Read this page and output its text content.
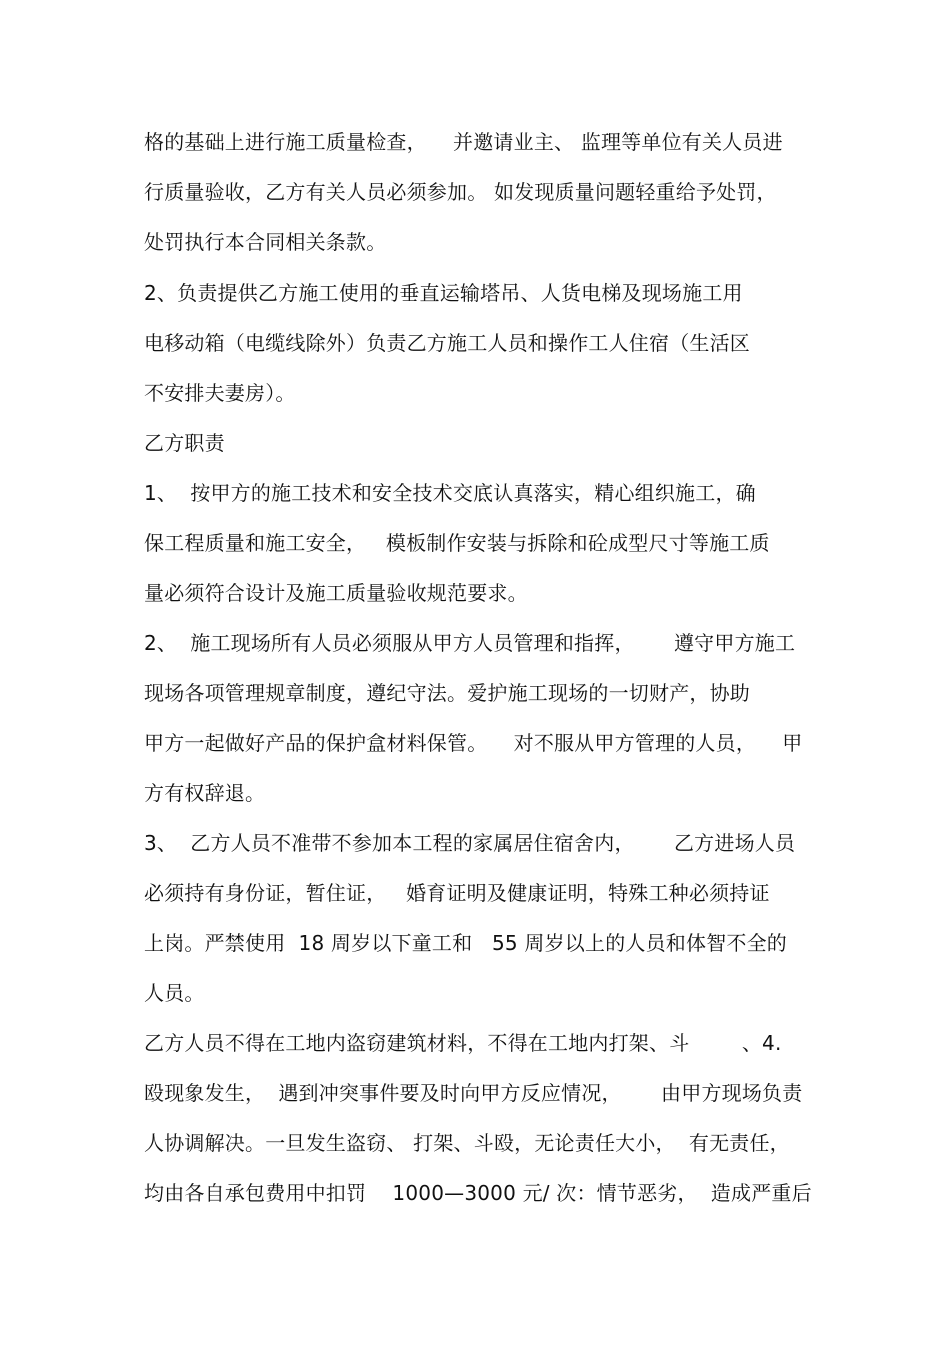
格的基础上进行施工质量检查，    并邀请业主、 监理等单位有关人员进
行质量验收，乙方有关人员必须参加。 如发现质量问题轻重给予处罚，
处罚执行本合同相关条款。
2、负责提供乙方施工使用的垂直运输塔吊、人货电梯及现场施工用
电移动箱（电缆线除外）负责乙方施工人员和操作工人住宿（生活区
不安排夫妻房）。
乙方职责
1、  按甲方的施工技术和安全技术交底认真落实，精心组织施工，确
保工程质量和施工安全，   模板制作安装与拆除和砼成型尺寸等施工质
量必须符合设计及施工质量验收规范要求。
2、  施工现场所有人员必须服从甲方人员管理和指挥，      遵守甲方施工
现场各项管理规章制度，遵纪守法。爱护施工现场的一切财产，协助
甲方一起做好产品的保护盒材料保管。    对不服从甲方管理的人员，    甲
方有权辞退。
3、  乙方人员不准带不参加本工程的家属居住宿舍内，      乙方进场人员
必须持有身份证，暂住证，   婚育证明及健康证明，特殊工种必须持证
上岗。严禁使用  18 周岁以下童工和   55 周岁以上的人员和体智不全的
人员。
乙方人员不得在工地内盗窃建筑材料，不得在工地内打架、斗        、4.
殴现象发生，  遇到冲突事件要及时向甲方反应情况，      由甲方现场负责
人协调解决。一旦发生盗窃、 打架、斗殴，无论责任大小，  有无责任，
均由各自承包费用中扣罚    1000—3000 元/ 次：情节恶劣，  造成严重后
